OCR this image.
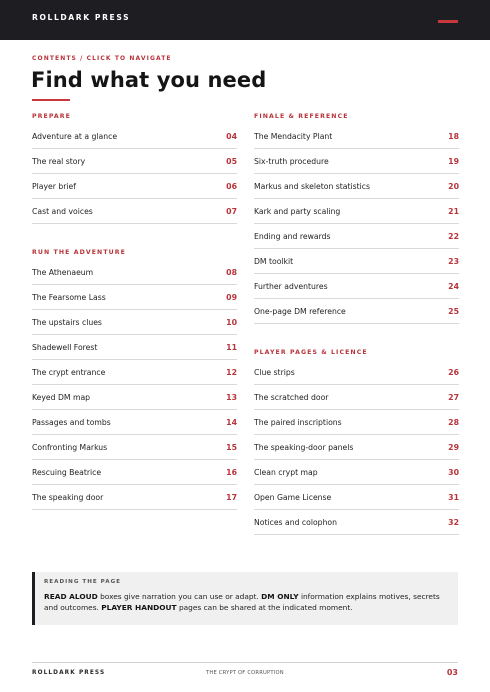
ROLLDARK PRESS
CONTENTS / CLICK TO NAVIGATE
Find what you need
PREPARE
Adventure at a glance	04
The real story	05
Player brief	06
Cast and voices	07
RUN THE ADVENTURE
The Athenaeum	08
The Fearsome Lass	09
The upstairs clues	10
Shadewell Forest	11
The crypt entrance	12
Keyed DM map	13
Passages and tombs	14
Confronting Markus	15
Rescuing Beatrice	16
The speaking door	17
FINALE & REFERENCE
The Mendacity Plant	18
Six-truth procedure	19
Markus and skeleton statistics	20
Kark and party scaling	21
Ending and rewards	22
DM toolkit	23
Further adventures	24
One-page DM reference	25
PLAYER PAGES & LICENCE
Clue strips	26
The scratched door	27
The paired inscriptions	28
The speaking-door panels	29
Clean crypt map	30
Open Game License	31
Notices and colophon	32
READING THE PAGE

READ ALOUD boxes give narration you can use or adapt. DM ONLY information explains motives, secrets and outcomes. PLAYER HANDOUT pages can be shared at the indicated moment.

ROLLDARK PRESS	THE CRYPT OF CORRUPTION	03
